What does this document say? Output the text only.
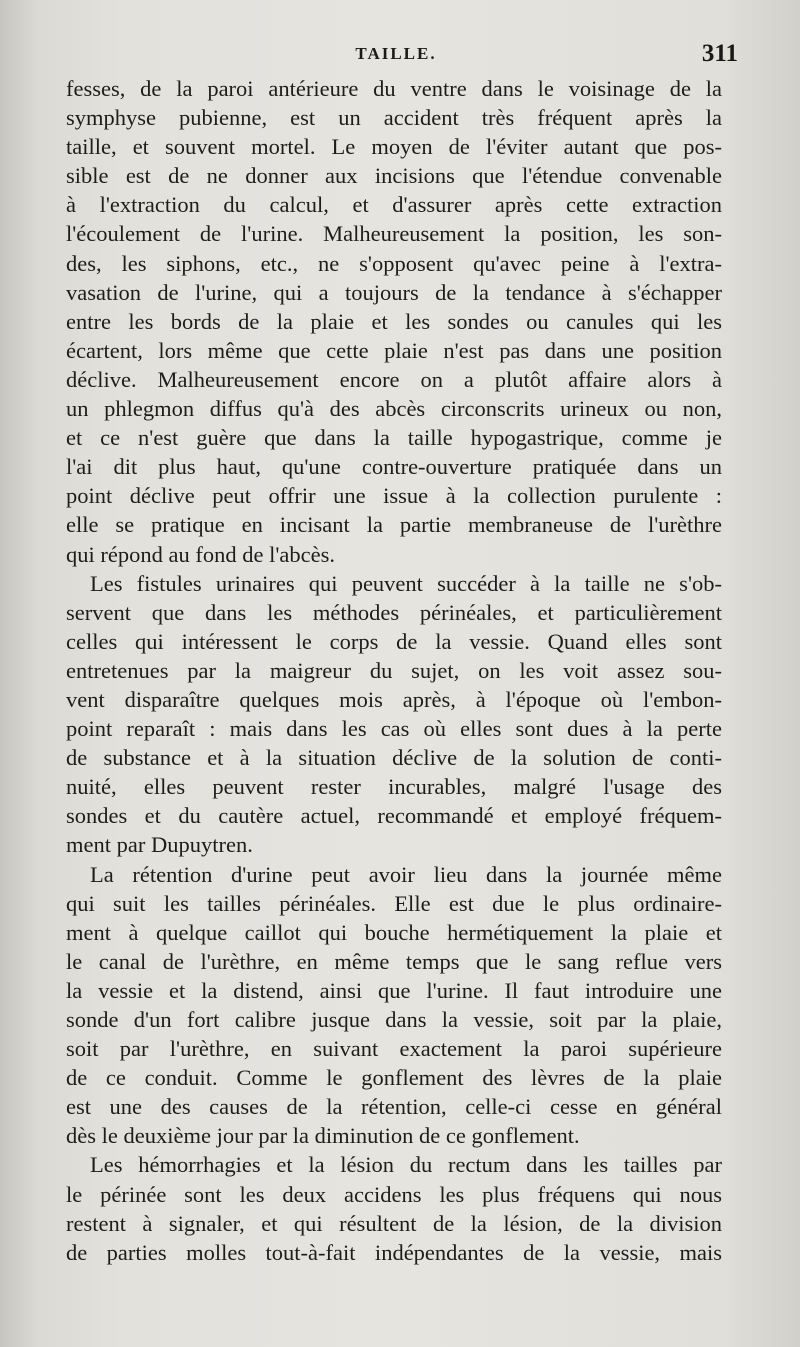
TAILLE.	311
fesses, de la paroi antérieure du ventre dans le voisinage de la
symphyse pubienne, est un accident très fréquent après la
taille, et souvent mortel. Le moyen de l'éviter autant que pos-
sible est de ne donner aux incisions que l'étendue convenable
à l'extraction du calcul, et d'assurer après cette extraction
l'écoulement de l'urine. Malheureusement la position, les son-
des, les siphons, etc., ne s'opposent qu'avec peine à l'extra-
vasation de l'urine, qui a toujours de la tendance à s'échapper
entre les bords de la plaie et les sondes ou canules qui les
écartent, lors même que cette plaie n'est pas dans une position
déclive. Malheureusement encore on a plutôt affaire alors à
un phlegmon diffus qu'à des abcès circonscrits urineux ou non,
et ce n'est guère que dans la taille hypogastrique, comme je
l'ai dit plus haut, qu'une contre-ouverture pratiquée dans un
point déclive peut offrir une issue à la collection purulente :
elle se pratique en incisant la partie membraneuse de l'urèthre
qui répond au fond de l'abcès.
Les fistules urinaires qui peuvent succéder à la taille ne s'ob-
servent que dans les méthodes périnéales, et particulièrement
celles qui intéressent le corps de la vessie. Quand elles sont
entretenues par la maigreur du sujet, on les voit assez sou-
vent disparaître quelques mois après, à l'époque où l'embon-
point reparaît : mais dans les cas où elles sont dues à la perte
de substance et à la situation déclive de la solution de conti-
nuité, elles peuvent rester incurables, malgré l'usage des
sondes et du cautère actuel, recommandé et employé fréquem-
ment par Dupuytren.
La rétention d'urine peut avoir lieu dans la journée même
qui suit les tailles périnéales. Elle est due le plus ordinaire-
ment à quelque caillot qui bouche hermétiquement la plaie et
le canal de l'urèthre, en même temps que le sang reflue vers
la vessie et la distend, ainsi que l'urine. Il faut introduire une
sonde d'un fort calibre jusque dans la vessie, soit par la plaie,
soit par l'urèthre, en suivant exactement la paroi supérieure
de ce conduit. Comme le gonflement des lèvres de la plaie
est une des causes de la rétention, celle-ci cesse en général
dès le deuxième jour par la diminution de ce gonflement.
Les hémorrhagies et la lésion du rectum dans les tailles par
le périnée sont les deux accidens les plus fréquens qui nous
restent à signaler, et qui résultent de la lésion, de la division
de parties molles tout-à-fait indépendantes de la vessie, mais
